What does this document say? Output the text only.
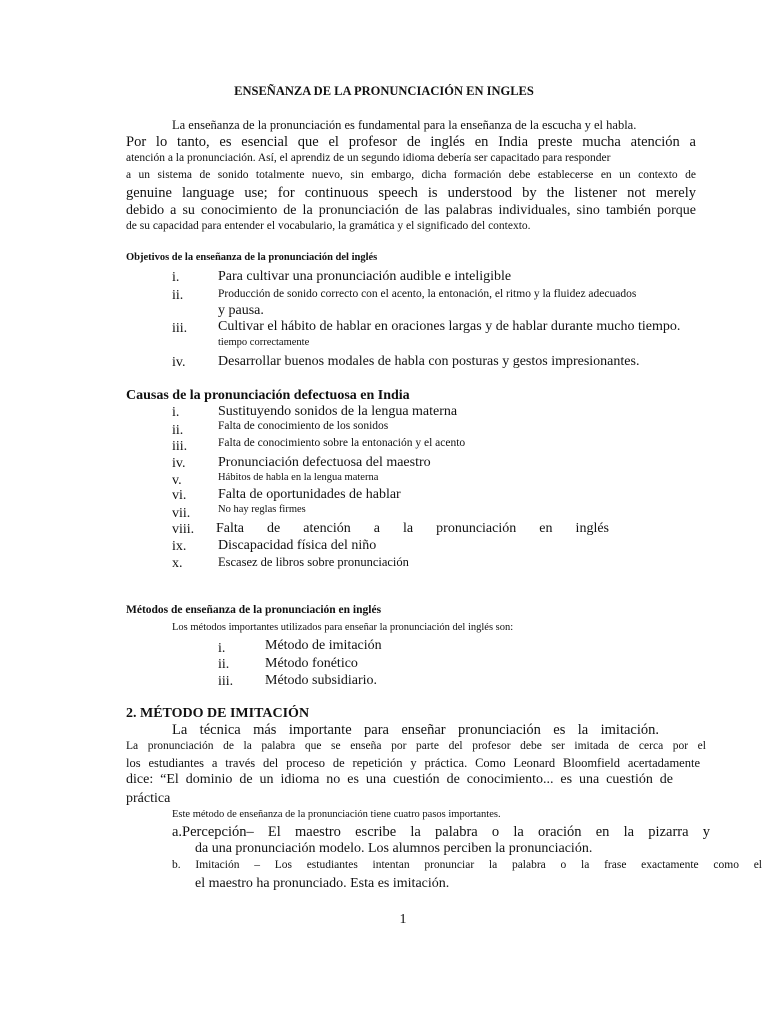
ENSEÑANZA DE LA PRONUNCIACIÓN EN INGLES
La enseñanza de la pronunciación es fundamental para la enseñanza de la escucha y el habla.
Por lo tanto, es esencial que el profesor de inglés en India preste mucha atención a
atención a la pronunciación. Así, el aprendiz de un segundo idioma debería ser capacitado para responder
a un sistema de sonido totalmente nuevo, sin embargo, dicha formación debe establecerse en un contexto de
genuine language use; for continuous speech is understood by the listener not merely
debido a su conocimiento de la pronunciación de las palabras individuales, sino también porque
de su capacidad para entender el vocabulario, la gramática y el significado del contexto.
Objetivos de la enseñanza de la pronunciación del inglés
i.	Para cultivar una pronunciación audible e inteligible
ii.	Producción de sonido correcto con el acento, la entonación, el ritmo y la fluidez adecuados
y pausa.
iii. Cultivar el hábito de hablar en oraciones largas y de hablar durante mucho tiempo.
tiempo correctamente
iv. Desarrollar buenos modales de habla con posturas y gestos impresionantes.
Causas de la pronunciación defectuosa en India
i.	Sustituyendo sonidos de la lengua materna
ii.	Falta de conocimiento de los sonidos
iii.	Falta de conocimiento sobre la entonación y el acento
iv. Pronunciación defectuosa del maestro
v.	Hábitos de habla en la lengua materna
vi. Falta de oportunidades de hablar
vii.	No hay reglas firmes
viii. Falta de atención a la pronunciación en inglés
ix. Discapacidad física del niño
x.	Escasez de libros sobre pronunciación
Métodos de enseñanza de la pronunciación en inglés
Los métodos importantes utilizados para enseñar la pronunciación del inglés son:
i.	Método de imitación
ii.	Método fonético
iii. Método subsidiario.
2. MÉTODO DE IMITACIÓN
La técnica más importante para enseñar pronunciación es la imitación.
La pronunciación de la palabra que se enseña por parte del profesor debe ser imitada de cerca por el
los estudiantes a través del proceso de repetición y práctica. Como Leonard Bloomfield acertadamente
dice: “El dominio de un idioma no es una cuestión de conocimiento... es una cuestión de
práctica
Este método de enseñanza de la pronunciación tiene cuatro pasos importantes.
a.Percepción– El maestro escribe la palabra o la oración en la pizarra y
da una pronunciación modelo. Los alumnos perciben la pronunciación.
b. Imitación – Los estudiantes intentan pronunciar la palabra o la frase exactamente como el
el maestro ha pronunciado. Esta es imitación.
1
